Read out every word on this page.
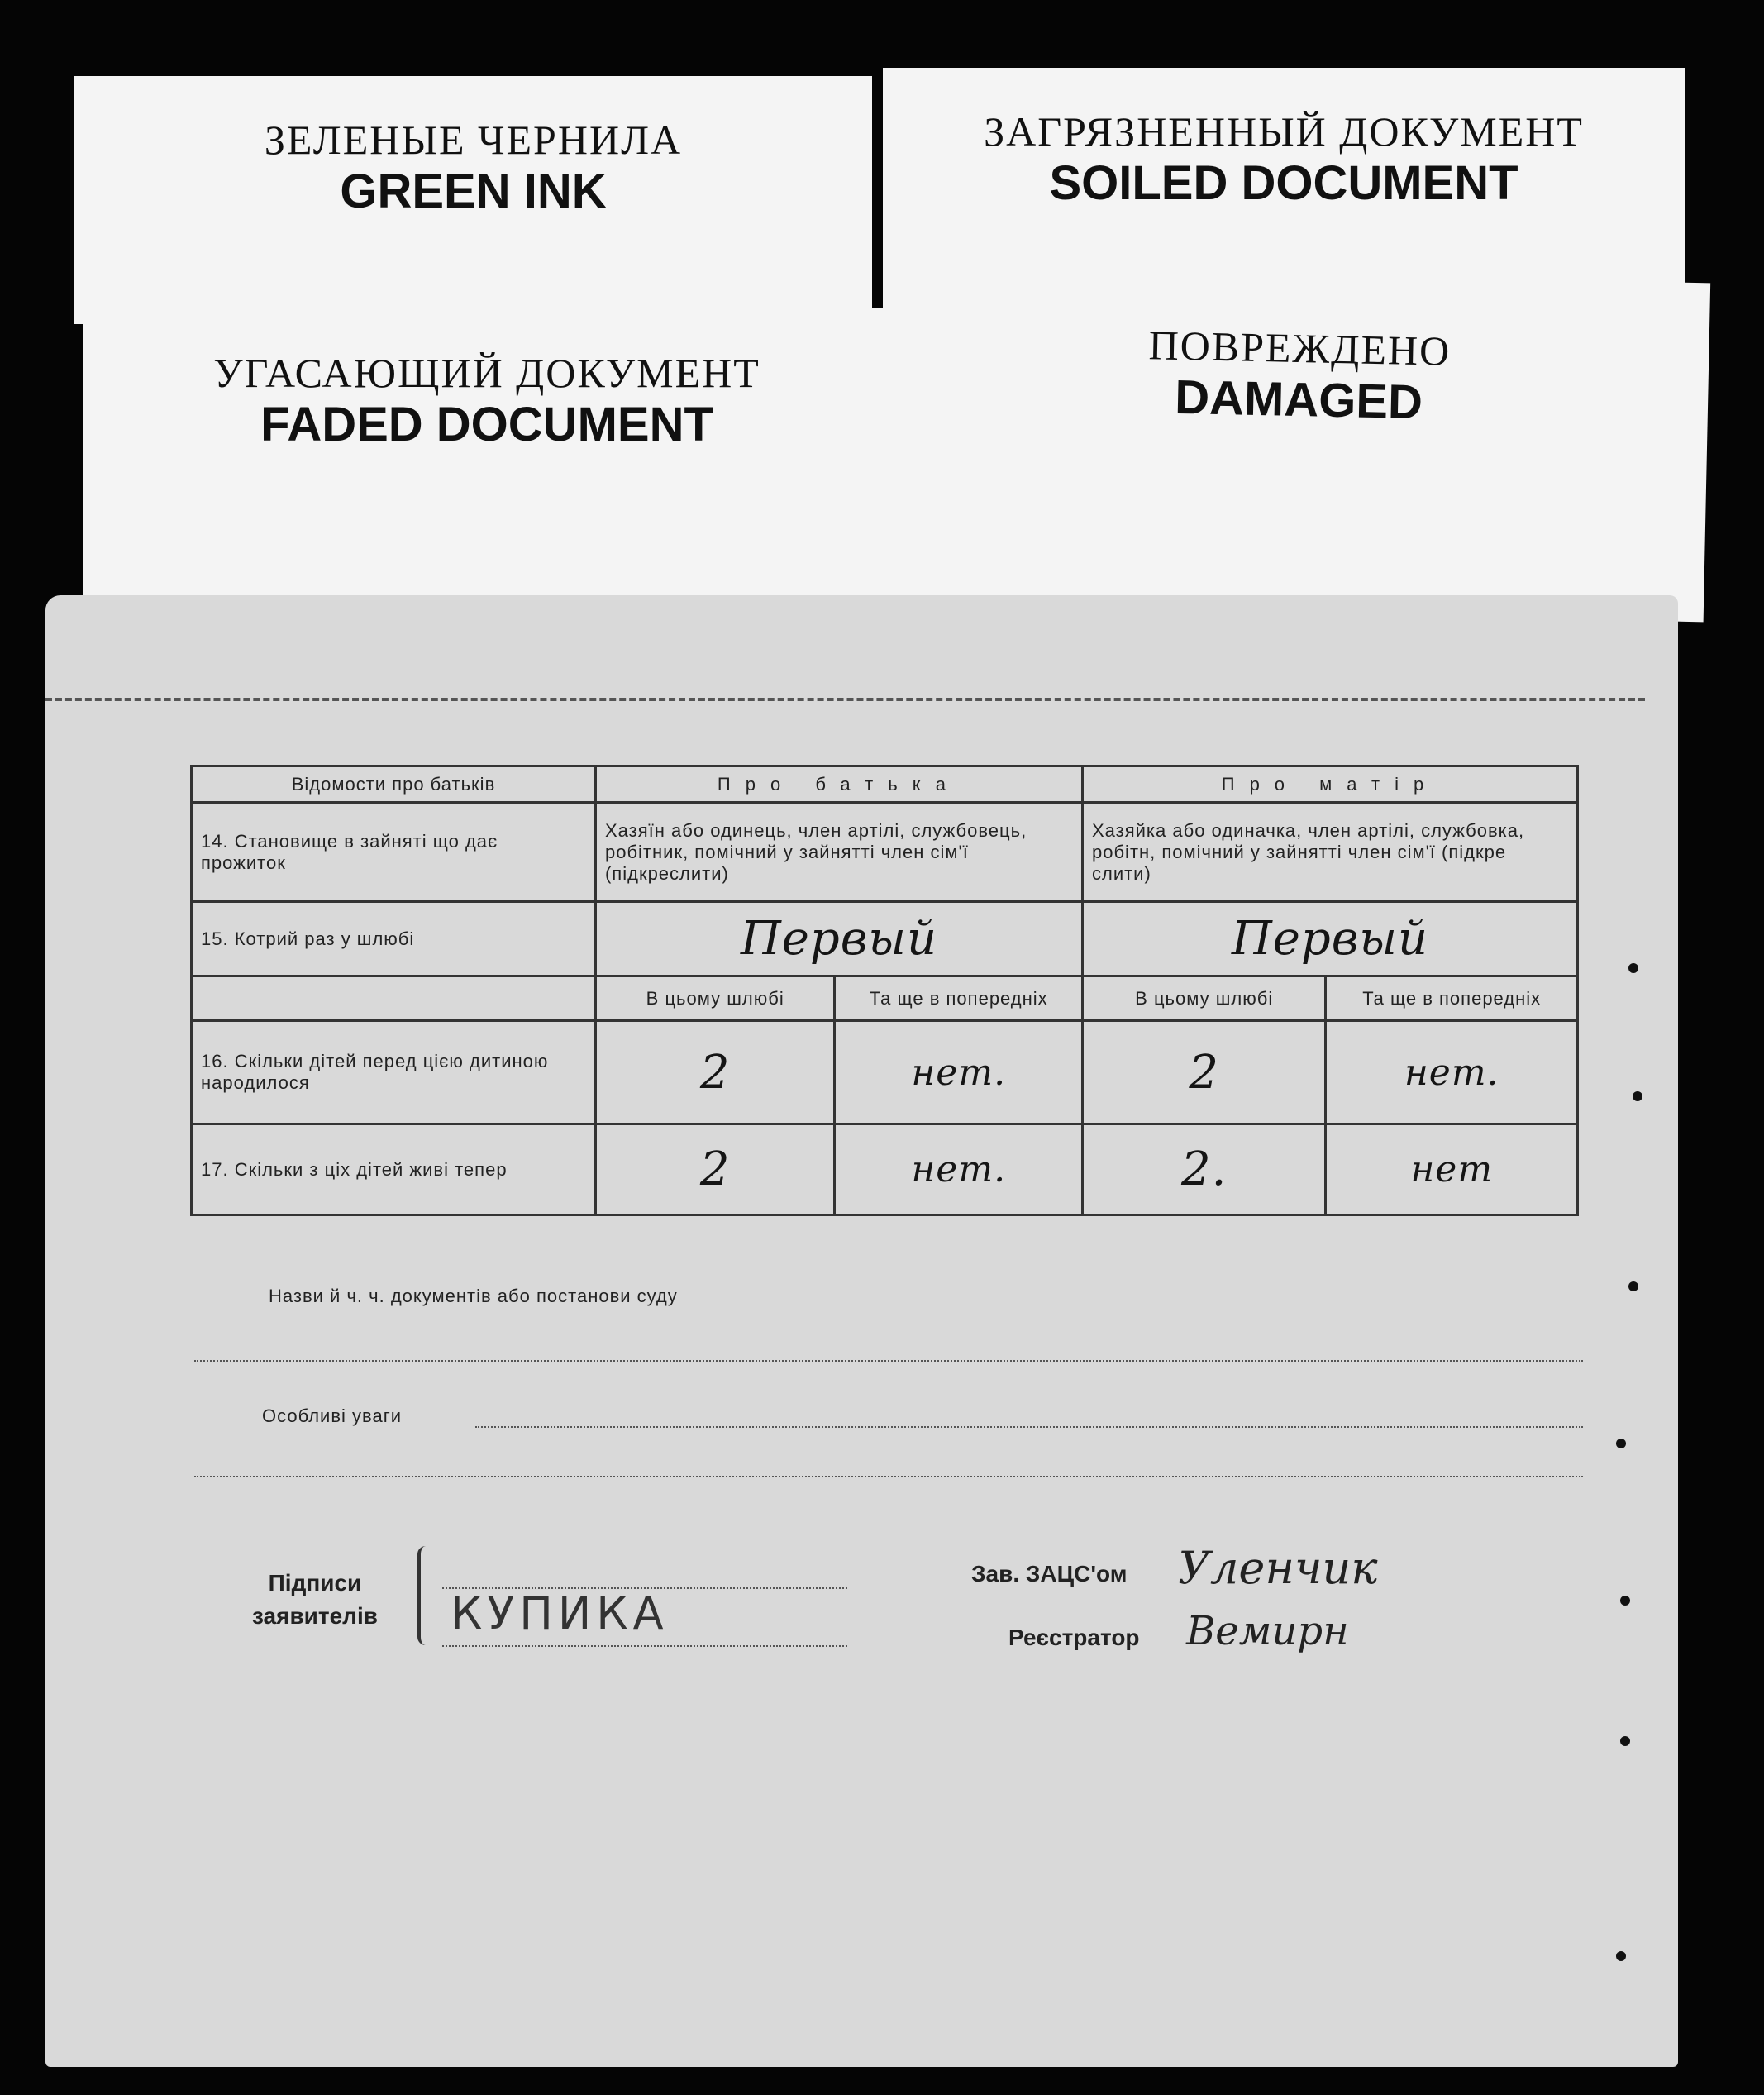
ЗЕЛЕНЫЕ ЧЕРНИЛА
GREEN INK
ЗАГРЯЗНЕННЫЙ ДОКУМЕНТ
SOILED DOCUMENT
УГАСАЮЩИЙ ДОКУМЕНТ
FADED DOCUMENT
ПОВРЕЖДЕНО
DAMAGED
Відомости про батьків	Про батька		Про матір	
14. Становище в зайняті що дає прожиток	Хазяїн або одинець, член артілі, службовець, робітник, помічний у зайнятті член сім'ї (підкреслити)		Хазяйка або одиначка, член артілі, службовка, робітн, помічний у зайнятті член сім'ї (підкре слити)	
15. Котрий раз у шлюбі	Первый		Первый	
	В цьому шлюбі	Та ще в попередніх	В цьому шлюбі	Та ще в попередніх
16. Скільки дітей перед цією дитиною народилося	2	нет.	2	нет.
17. Скільки з ціх дітей живі тепер	2	нет.	2.	нет
Назви й ч. ч. документів або постанови суду
Особливі уваги
Підписи
заявителів КУПИКА
Зав. ЗАЦС'ом
Реєстратор
Уленчик
Вемирн
